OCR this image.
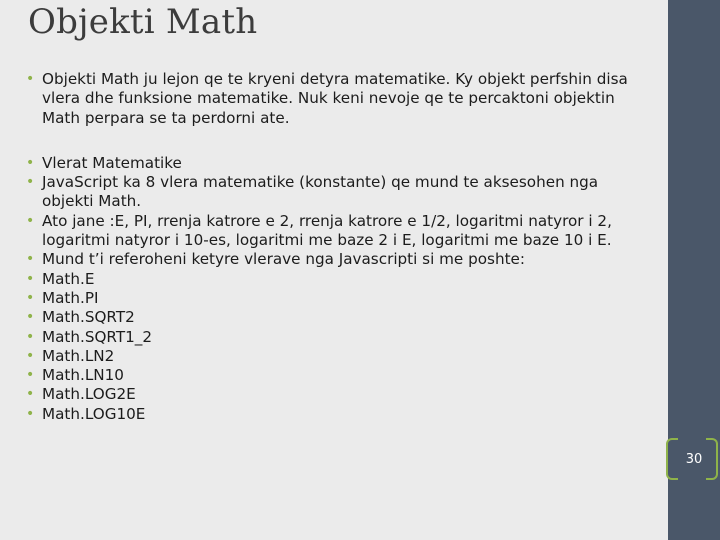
Objekti Math
• Objekti Math ju lejon qe te kryeni detyra matematike. Ky objekt perfshin disa vlera dhe funksione matematike. Nuk keni nevoje qe te percaktoni objektin Math perpara se ta perdorni ate.
• Vlerat Matematike
• JavaScript ka 8 vlera matematike (konstante) qe mund te aksesohen nga objekti Math.
• Ato jane :E, PI, rrenja katrore e 2, rrenja katrore e 1/2, logaritmi natyror i 2, logaritmi natyror i 10-es, logaritmi me baze 2 i E, logaritmi me baze 10 i E.
• Mund t’i referoheni ketyre vlerave nga Javascripti si me poshte:
• Math.E
• Math.PI
• Math.SQRT2
• Math.SQRT1_2
• Math.LN2
• Math.LN10
• Math.LOG2E
• Math.LOG10E
30
